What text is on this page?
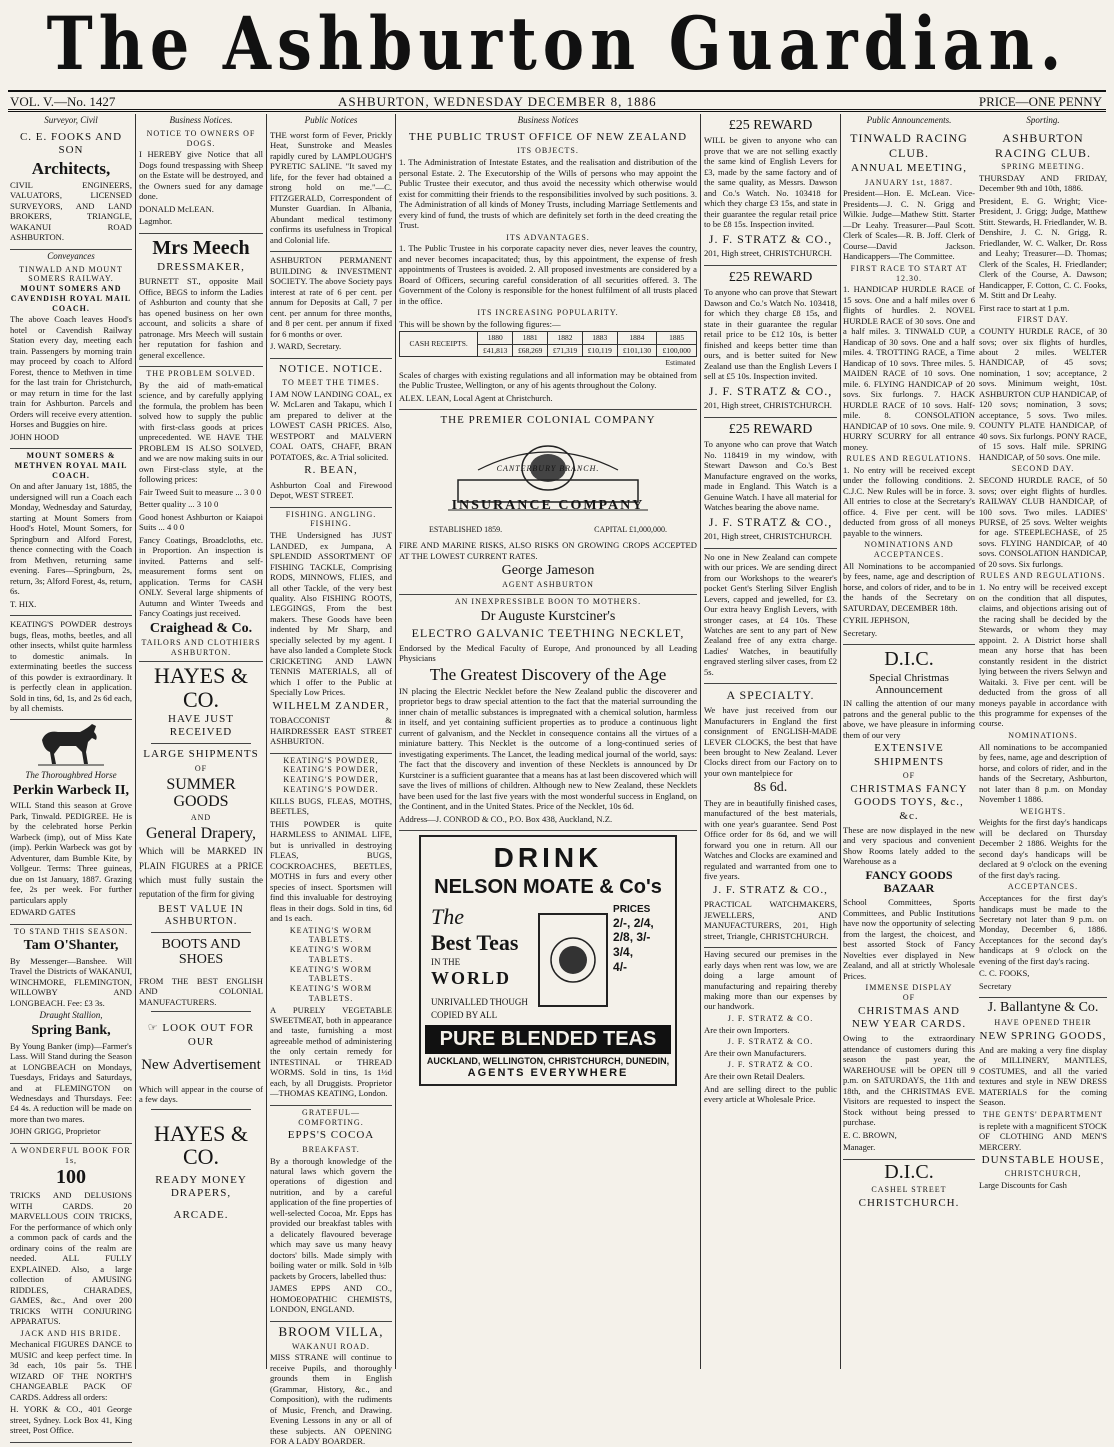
The Ashburton Guardian.
VOL. V.—No. 1427	ASHBURTON, WEDNESDAY DECEMBER 8, 1886	PRICE—ONE PENNY
Surveyor, Civil
C. E. FOOKS AND SON
Architects,

CIVIL ENGINEERS, VALUATORS, LICENSED SURVEYORS, AND LAND BROKERS, TRIANGLE, WAKANUI ROAD ASHBURTON.

Conveyances
TINWALD AND MOUNT SOMERS RAILWAY.
MOUNT SOMERS AND CAVENDISH ROYAL MAIL COACH.

The above Coach leaves Hood's hotel or Cavendish Railway Station every day, meeting each train. Passengers by morning train may proceed by coach to Alford Forest, thence to Methven in time for the last train for Christchurch, or may return in time for the last train for Ashburton. Parcels and Orders will receive every attention. Horses and Buggies on hire.

JOHN HOOD

MOUNT SOMERS & METHVEN ROYAL MAIL COACH.

On and after January 1st, 1885, the undersigned will run a Coach each Monday, Wednesday and Saturday, starting at Mount Somers from Hood's Hotel, Mount Somers, for Springburn and Alford Forest, thence connecting with the Coach from Methven, returning same evening. Fares—Springburn, 2s, return, 3s; Alford Forest, 4s, return, 6s.

T. HIX.

KEATING'S POWDER destroys bugs, fleas, moths, beetles, and all other insects, whilst quite harmless to domestic animals. In exterminating beetles the success of this powder is extraordinary. It is perfectly clean in application. Sold in tins, 6d, 1s, and 2s 6d each, by all chemists.

The Thoroughbred Horse
Perkin Warbeck II,

WILL Stand this season at Grove Park, Tinwald. PEDIGREE. He is by the celebrated horse Perkin Warbeck (imp), out of Miss Kate (imp). Perkin Warbeck was got by Adventurer, dam Bumble Kite, by Vollgeur. Terms: Three guineas, due on 1st January, 1887. Grazing fee, 2s per week. For further particulars apply

EDWARD GATES

TO STAND THIS SEASON.
Tam O'Shanter,

By Messenger—Banshee. Will Travel the Districts of WAKANUI, WINCHMORE, FLEMINGTON, WILLOWBY AND LONGBEACH. Fee: £3 3s.

Draught Stallion,
Spring Bank,

By Young Banker (imp)—Farmer's Lass. Will Stand during the Season at LONGBEACH on Mondays, Tuesdays, Fridays and Saturdays, and at FLEMINGTON on Wednesdays and Thursdays. Fee: £4 4s. A reduction will be made on more than two mares.

JOHN GRIGG, Proprietor

A WONDERFUL BOOK FOR 1s,
100

TRICKS AND DELUSIONS WITH CARDS. 20 MARVELLOUS COIN TRICKS, For the performance of which only a common pack of cards and the ordinary coins of the realm are needed. ALL FULLY EXPLAINED. Also, a large collection of AMUSING RIDDLES, CHARADES, GAMES, &c., And over 200 TRICKS WITH CONJURING APPARATUS.

JACK AND HIS BRIDE.

Mechanical FIGURES DANCE to MUSIC and keep perfect time. In 3d each, 10s pair 5s. THE WIZARD OF THE NORTH'S CHANGEABLE PACK OF CARDS. Address all orders:

H. YORK & CO., 401 George street, Sydney. Lock Box 41, King street, Post Office.

Business Notices.
NOTICE TO OWNERS OF DOGS.

I HEREBY give Notice that all Dogs found trespassing with Sheep on the Estate will be destroyed, and the Owners sued for any damage done.

DONALD McLEAN.

Lagmhor.

Mrs Meech
DRESSMAKER,

BURNETT ST., opposite Mail Office, BEGS to inform the Ladies of Ashburton and county that she has opened business on her own account, and solicits a share of patronage. Mrs Meech will sustain her reputation for fashion and general excellence.

THE PROBLEM SOLVED.

By the aid of math-ematical science, and by carefully applying the formula, the problem has been solved how to supply the public with first-class goods at prices unprecedented. WE HAVE THE PROBLEM IS ALSO SOLVED, and we are now making suits in our own First-class style, at the following prices:

Fair Tweed Suit to measure ... 3 0 0

Better quality ... 3 10 0

Good honest Ashburton or Kaiapoi Suits ... 4 0 0

Fancy Coatings, Broadcloths, etc. in Proportion. An inspection is invited. Patterns and self-measurement forms sent on application. Terms for CASH ONLY. Several large shipments of Autumn and Winter Tweeds and Fancy Coatings just received.

Craighead & Co.
TAILORS AND CLOTHIERS ASHBURTON.
HAYES & CO.
HAVE JUST RECEIVED
LARGE SHIPMENTS
OF
SUMMER GOODS
AND
General Drapery,

Which will be MARKED IN PLAIN FIGURES at a PRICE which must fully sustain the reputation of the firm for giving

BEST VALUE IN ASHBURTON.
BOOTS AND SHOES

FROM THE BEST ENGLISH AND COLONIAL MANUFACTURERS.

☞ LOOK OUT FOR OUR
New Advertisement

Which will appear in the course of a few days.

HAYES & CO.
READY MONEY DRAPERS,
ARCADE.
Public Notices

THE worst form of Fever, Prickly Heat, Sunstroke and Measles rapidly cured by LAMPLOUGH'S PYRETIC SALINE. "It saved my life, for the fever had obtained a strong hold on me."—C. FITZGERALD, Correspondent of Munster Guardian. In Albania, Abundant medical testimony confirms its usefulness in Tropical and Colonial life.

ASHBURTON PERMANENT BUILDING & INVESTMENT SOCIETY. The above Society pays interest at rate of 6 per cent. per annum for Deposits at Call, 7 per cent. per annum for three months, and 8 per cent. per annum if fixed for 6 months or over.

J. WARD, Secretary.

NOTICE. NOTICE.
TO MEET THE TIMES.

I AM NOW LANDING COAL, ex W. McLaren and Takapu, which I am prepared to deliver at the LOWEST CASH PRICES. Also, WESTPORT and MALVERN COAL OATS, CHAFF, BRAN POTATOES, &c. A Trial solicited.

R. BEAN,

Ashburton Coal and Firewood Depot, WEST STREET.

FISHING. ANGLING. FISHING.

THE Undersigned has JUST LANDED, ex Jumpana, A SPLENDID ASSORTMENT OF FISHING TACKLE, Comprising RODS, MINNOWS, FLIES, and all other Tackle, of the very best quality. Also FISHING ROOTS, LEGGINGS, From the best makers. These Goods have been indented by Mr Sharp, and specially selected by my agent. I have also landed a Complete Stock CRICKETING AND LAWN TENNIS MATERIALS, all of which I offer to the Public at Specially Low Prices.

WILHELM ZANDER,

TOBACCONIST & HAIRDRESSER EAST STREET ASHBURTON.

KEATING'S POWDER,
KEATING'S POWDER,
KEATING'S POWDER,
KEATING'S POWDER.

KILLS BUGS, FLEAS, MOTHS, BEETLES,

THIS POWDER is quite HARMLESS to ANIMAL LIFE, but is unrivalled in destroying FLEAS, BUGS, COCKROACHES, BEETLES, MOTHS in furs and every other species of insect. Sportsmen will find this invaluable for destroying fleas in their dogs. Sold in tins, 6d and 1s each.

KEATING'S WORM TABLETS.
KEATING'S WORM TABLETS.
KEATING'S WORM TABLETS.
KEATING'S WORM TABLETS.

A PURELY VEGETABLE SWEETMEAT, both in appearance and taste, furnishing a most agreeable method of administering the only certain remedy for INTESTINAL or THREAD WORMS. Sold in tins, 1s 1½d each, by all Druggists. Proprietor—THOMAS KEATING, London.

GRATEFUL—COMFORTING.
EPPS'S COCOA
BREAKFAST.

By a thorough knowledge of the natural laws which govern the operations of digestion and nutrition, and by a careful application of the fine properties of well-selected Cocoa, Mr. Epps has provided our breakfast tables with a delicately flavoured beverage which may save us many heavy doctors' bills. Made simply with boiling water or milk. Sold in ½lb packets by Grocers, labelled thus:

JAMES EPPS AND CO., HOMOEOPATHIC CHEMISTS, LONDON, ENGLAND.

BROOM VILLA,
WAKANUI ROAD.

MISS STRANE will continue to receive Pupils, and thoroughly grounds them in English (Grammar, History, &c., and Composition), with the rudiments of Music, French, and Drawing. Evening Lessons in any or all of these subjects. AN OPENING FOR A LADY BOARDER.

Business Notices
THE PUBLIC TRUST OFFICE OF NEW ZEALAND
ITS OBJECTS.

1. The Administration of Intestate Estates, and the realisation and distribution of the personal Estate. 2. The Executorship of the Wills of persons who may appoint the Public Trustee their executor, and thus avoid the necessity which otherwise would exist for committing their friends to the responsibilities involved by such positions. 3. The Administration of all kinds of Money Trusts, including Marriage Settlements and every kind of fund, the trusts of which are definitely set forth in the deed creating the Trust.

ITS ADVANTAGES.

1. The Public Trustee in his corporate capacity never dies, never leaves the country, and never becomes incapacitated; thus, by this appointment, the expense of fresh appointments of Trustees is avoided. 2. All proposed investments are considered by a Board of Officers, securing careful consideration of all securities offered. 3. The Government of the Colony is responsible for the honest fulfilment of all trusts placed in the office.

ITS INCREASING POPULARITY.

This will be shown by the following figures:—

CASH RECEIPTS.	1880	1881	1882	1883	1884	1885
	£41,813	£68,269	£71,319	£10,119	£101,130	£100,000
Estimated						

Scales of charges with existing regulations and all information may be obtained from the Public Trustee, Wellington, or any of his agents throughout the Colony.

ALEX. LEAN, Local Agent at Christchurch.

THE PREMIER COLONIAL COMPANY
CANTERBURY BRANCH.
INSURANCE COMPANY
ESTABLISHED 1859.	CAPITAL £1,000,000.

FIRE AND MARINE RISKS, ALSO RISKS ON GROWING CROPS ACCEPTED AT THE LOWEST CURRENT RATES.

George Jameson
AGENT ASHBURTON
AN INEXPRESSIBLE BOON TO MOTHERS.
Dr Auguste Kurstciner's
ELECTRO GALVANIC TEETHING NECKLET,

Endorsed by the Medical Faculty of Europe, And pronounced by all Leading Physicians

The Greatest Discovery of the Age

IN placing the Electric Necklet before the New Zealand public the discoverer and proprietor begs to draw special attention to the fact that the material surrounding the inner chain of metallic substances is impregnated with a chemical solution, harmless in itself, and yet containing sufficient properties as to produce a continuous light current of galvanism, and the Necklet in consequence contains all the virtues of a miniature battery. This Necklet is the outcome of a long-continued series of investigating experiments. The Lancet, the leading medical journal of the world, says: The fact that the discovery and invention of these Necklets is announced by Dr Kurstciner is a sufficient guarantee that a means has at last been discovered which will save the lives of millions of children. Although new to New Zealand, these Necklets have been used for the last five years with the most wonderful success in England, on the Continent, and in the United States. Price of the Necklet, 10s 6d.

Address—J. CONROD & CO., P.O. Box 438, Auckland, N.Z.

DRINK
NELSON MOATE & Co's
The
Best Teas
IN THE
WORLD
UNRIVALLED THOUGH COPIED BY ALL
PRICES
2/-, 2/4,
2/8, 3/-
3/4,
4/-
PURE BLENDED TEAS
AUCKLAND, WELLINGTON, CHRISTCHURCH, DUNEDIN,
AGENTS EVERYWHERE
£25 REWARD

WILL be given to anyone who can prove that we are not selling exactly the same kind of English Levers for £3, made by the same factory and of the same quality, as Messrs. Dawson and Co.'s Watch. No. 103418 for which they charge £3 15s, and state in their guarantee the regular retail price to be £8 15s. Inspection invited.

J. F. STRATZ & CO.,

201, High street, CHRISTCHURCH.

£25 REWARD

To anyone who can prove that Stewart Dawson and Co.'s Watch No. 103418, for which they charge £8 15s, and state in their guarantee the regular retail price to be £12 10s, is better finished and keeps better time than ours, and is better suited for New Zealand use than the English Levers I sell at £5 10s. Inspection invited.

J. F. STRATZ & CO.,

201, High street, CHRISTCHURCH.

£25 REWARD

To anyone who can prove that Watch No. 118419 in my window, with Stewart Dawson and Co.'s Best Manufacture engraved on the works, made in England. This Watch is a Genuine Watch. I have all material for Watches bearing the above name.

J. F. STRATZ & CO.,

201, High street, CHRISTCHURCH.

No one in New Zealand can compete with our prices. We are sending direct from our Workshops to the wearer's pocket Gent's Sterling Silver English Levers, capped and jewelled, for £3. Our extra heavy English Levers, with stronger cases, at £4 10s. These Watches are sent to any part of New Zealand free of any extra charge. Ladies' Watches, in beautifully engraved sterling silver cases, from £2 5s.

A SPECIALTY.

We have just received from our Manufacturers in England the first consignment of ENGLISH-MADE LEVER CLOCKS, the best that have been brought to New Zealand. Lever Clocks direct from our Factory on to your own mantelpiece for

8s 6d.

They are in beautifully finished cases, manufactured of the best materials, with one year's guarantee. Send Post Office order for 8s 6d, and we will forward you one in return. All our Watches and Clocks are examined and regulated and warranted from one to five years.

J. F. STRATZ & CO.,

PRACTICAL WATCHMAKERS, JEWELLERS, AND MANUFACTURERS, 201, High street, Triangle, CHRISTCHURCH.

Having secured our premises in the early days when rent was low, we are doing a large amount of manufacturing and repairing thereby making more than our expenses by our handwork.

J. F. STRATZ & CO.

Are their own Importers.

J. F. STRATZ & CO.

Are their own Manufacturers.

J. F. STRATZ & CO.

Are their own Retail Dealers.

And are selling direct to the public every article at Wholesale Price.

Public Announcements.
TINWALD RACING CLUB.
ANNUAL MEETING,
JANUARY 1st, 1887.

President—Hon. E. McLean. Vice-Presidents—J. C. N. Grigg and Wilkie. Judge—Mathew Stitt. Starter—Dr Leahy. Treasurer—Paul Scott. Clerk of Scales—R. B. Joff. Clerk of Course—David Jackson. Handicappers—The Committee.

FIRST RACE TO START AT 12.30.

1. HANDICAP HURDLE RACE of 15 sovs. One and a half miles over 6 flights of hurdles. 2. NOVEL HURDLE RACE of 30 sovs. One and a half miles. 3. TINWALD CUP, a Handicap of 30 sovs. One and a half miles. 4. TROTTING RACE, a Time Handicap of 10 sovs. Three miles. 5. MAIDEN RACE of 10 sovs. One mile. 6. FLYING HANDICAP of 20 sovs. Six furlongs. 7. HACK HURDLE RACE of 10 sovs. Half-mile. 8. CONSOLATION HANDICAP of 10 sovs. One mile. 9. HURRY SCURRY for all entrance money.

RULES AND REGULATIONS.

1. No entry will be received except under the following conditions. 2. C.J.C. New Rules will be in force. 3. All entries to close at the Secretary's office. 4. Five per cent. will be deducted from gross of all moneys payable to the winners.

NOMINATIONS AND ACCEPTANCES.

All Nominations to be accompanied by fees, name, age and description of horse, and colors of rider, and to be in the hands of the Secretary on SATURDAY, DECEMBER 18th.

CYRIL JEPHSON,

Secretary.

D.I.C.
Special Christmas Announcement

IN calling the attention of our many patrons and the general public to the above, we have pleasure in informing them of our very

EXTENSIVE SHIPMENTS
OF
CHRISTMAS FANCY GOODS TOYS, &c., &c.

These are now displayed in the new and very spacious and convenient Show Rooms lately added to the Warehouse as a

FANCY GOODS BAZAAR

School Committees, Sports Committees, and Public Institutions have now the opportunity of selecting from the largest, the choicest, and best assorted Stock of Fancy Novelties ever displayed in New Zealand, and all at strictly Wholesale Prices.

IMMENSE DISPLAY
OF
CHRISTMAS AND NEW YEAR CARDS.

Owing to the extraordinary attendance of customers during this season the past year, the WAREHOUSE will be OPEN till 9 p.m. on SATURDAYS, the 11th and 18th, and the CHRISTMAS EVE. Visitors are requested to inspect the Stock without being pressed to purchase.

E. C. BROWN,

Manager.

D.I.C.
CASHEL STREET
CHRISTCHURCH.
Sporting.
ASHBURTON RACING CLUB.
SPRING MEETING.

THURSDAY AND FRIDAY, December 9th and 10th, 1886.

President, E. G. Wright; Vice-President, J. Grigg; Judge, Matthew Stitt. Stewards, H. Friedlander, W. B. Denshire, J. C. N. Grigg, R. Friedlander, W. C. Walker, Dr. Ross and Leahy; Treasurer—D. Thomas; Clerk of the Scales, H. Friedlander; Clerk of the Course, A. Dawson; Handicapper, F. Cotton, C. C. Fooks, M. Stitt and Dr Leahy.

First race to start at 1 p.m.

FIRST DAY.

COUNTY HURDLE RACE, of 30 sovs; over six flights of hurdles, about 2 miles. WELTER HANDICAP, of 45 sovs; nomination, 1 sov; acceptance, 2 sovs. Minimum weight, 10st. ASHBURTON CUP HANDICAP, of 120 sovs; nomination, 3 sovs; acceptance, 5 sovs. Two miles. COUNTY PLATE HANDICAP, of 40 sovs. Six furlongs. PONY RACE, of 15 sovs. Half mile. SPRING HANDICAP, of 50 sovs. One mile.

SECOND DAY.

SECOND HURDLE RACE, of 50 sovs; over eight flights of hurdles. RAILWAY CLUB HANDICAP, of 100 sovs. Two miles. LADIES' PURSE, of 25 sovs. Welter weights for age. STEEPLECHASE, of 25 sovs. FLYING HANDICAP, of 40 sovs. CONSOLATION HANDICAP, of 20 sovs. Six furlongs.

RULES AND REGULATIONS.

1. No entry will be received except on the condition that all disputes, claims, and objections arising out of the racing shall be decided by the Stewards, or whom they may appoint. 2. A District horse shall mean any horse that has been constantly resident in the district lying between the rivers Selwyn and Waitaki. 3. Five per cent. will be deducted from the gross of all moneys payable in accordance with this programme for expenses of the course.

NOMINATIONS.

All nominations to be accompanied by fees, name, age and description of horse, and colors of rider, and in the hands of the Secretary, Ashburton, not later than 8 p.m. on Monday November 1 1886.

WEIGHTS.

Weights for the first day's handicaps will be declared on Thursday December 2 1886. Weights for the second day's handicaps will be declared at 9 o'clock on the evening of the first day's racing.

ACCEPTANCES.

Acceptances for the first day's handicaps must be made to the Secretary not later than 9 p.m. on Monday, December 6, 1886. Acceptances for the second day's handicaps at 9 o'clock on the evening of the first day's racing.

C. C. FOOKS,

Secretary

J. Ballantyne & Co.
HAVE OPENED THEIR
NEW SPRING GOODS,

And are making a very fine display of MILLINERY, MANTLES, COSTUMES, and all the varied textures and style in NEW DRESS MATERIALS for the coming Season.

THE GENTS' DEPARTMENT

is replete with a magnificent STOCK OF CLOTHING AND MEN'S MERCERY.

DUNSTABLE HOUSE,
CHRISTCHURCH,

Large Discounts for Cash
